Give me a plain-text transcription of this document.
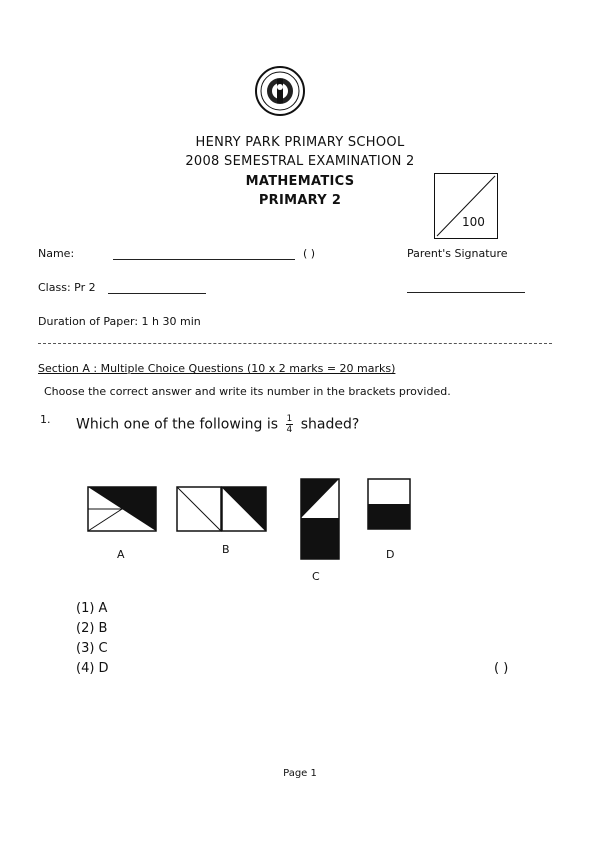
HENRY PARK PRIMARY SCHOOL
2008 SEMESTRAL EXAMINATION 2
MATHEMATICS
PRIMARY 2
100
Name:	( )	Parent's Signature
Class: Pr 2
Duration of Paper: 1 h 30 min
Section A : Multiple Choice Questions (10 x 2 marks = 20 marks)
Choose the correct answer and write its number in the brackets provided.
1. Which one of the following is $\frac{1}{4}$ shaded?
A	B
C
D
(1) A
(2) B
(3) C
(4) D	( )
Page 1
